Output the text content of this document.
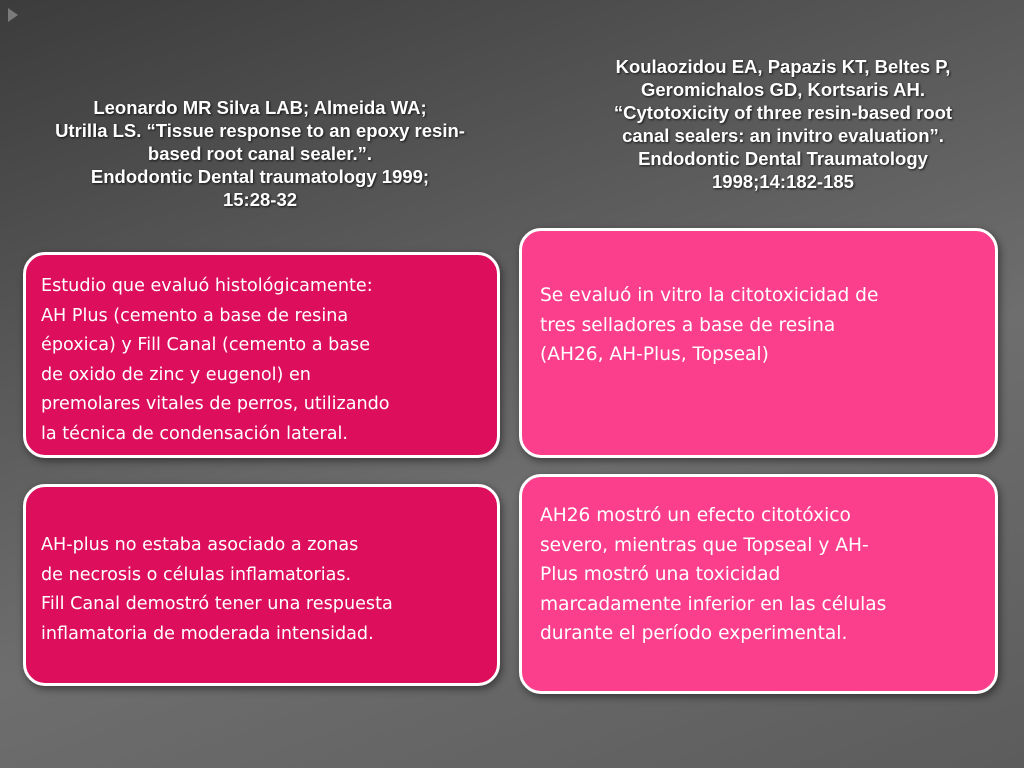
Leonardo MR Silva LAB; Almeida WA;
Utrilla LS. “Tissue response to an epoxy resin-
based root canal sealer.”.
Endodontic Dental traumatology 1999;
15:28-32
Koulaozidou EA, Papazis KT, Beltes P,
Geromichalos GD, Kortsaris AH.
“Cytotoxicity of three resin-based root
canal sealers: an invitro evaluation”.
Endodontic Dental Traumatology
1998;14:182-185
Estudio que evaluó histológicamente:
AH Plus (cemento a base de resina
époxica) y Fill Canal (cemento a base
de oxido de zinc y eugenol) en
premolares vitales de perros, utilizando
la técnica de condensación lateral.
Se evaluó in vitro la citotoxicidad de
tres selladores a base de resina
(AH26, AH-Plus, Topseal)
AH-plus no estaba asociado a zonas
de necrosis o células inflamatorias.
Fill Canal demostró tener una respuesta
inflamatoria de moderada intensidad.
AH26 mostró un efecto citotóxico
severo, mientras que Topseal y AH-
Plus mostró una toxicidad
marcadamente inferior en las células
durante el período experimental.
